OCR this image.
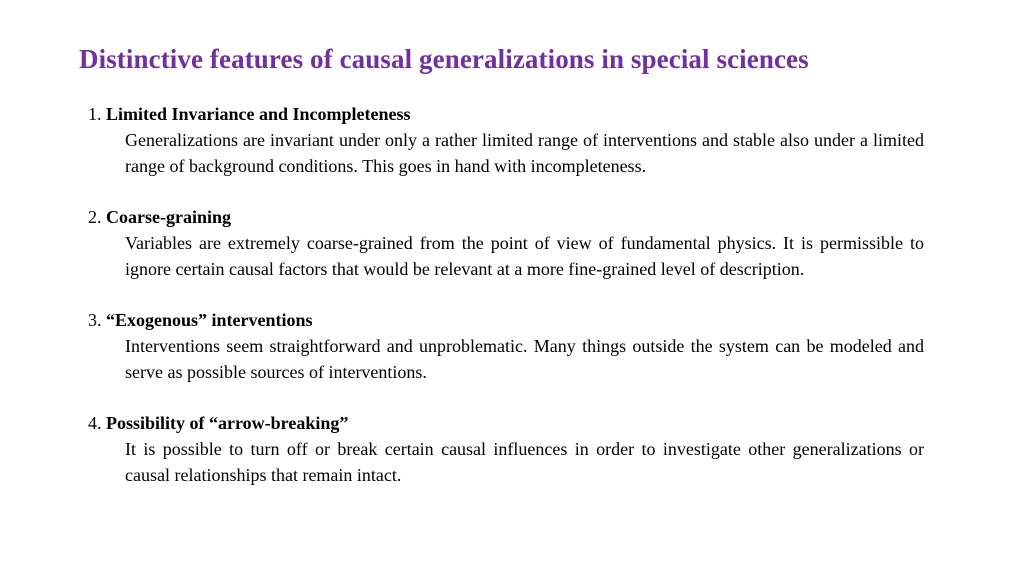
Distinctive features of causal generalizations in special sciences
1. Limited Invariance and Incompleteness
Generalizations are invariant under only a rather limited range of interventions and stable also under a limited range of background conditions. This goes in hand with incompleteness.
2. Coarse-graining
Variables are extremely coarse-grained from the point of view of fundamental physics. It is permissible to ignore certain causal factors that would be relevant at a more fine-grained level of description.
3. “Exogenous” interventions
Interventions seem straightforward and unproblematic. Many things outside the system can be modeled and serve as possible sources of interventions.
4. Possibility of “arrow-breaking”
It is possible to turn off or break certain causal influences in order to investigate other generalizations or causal relationships that remain intact.
